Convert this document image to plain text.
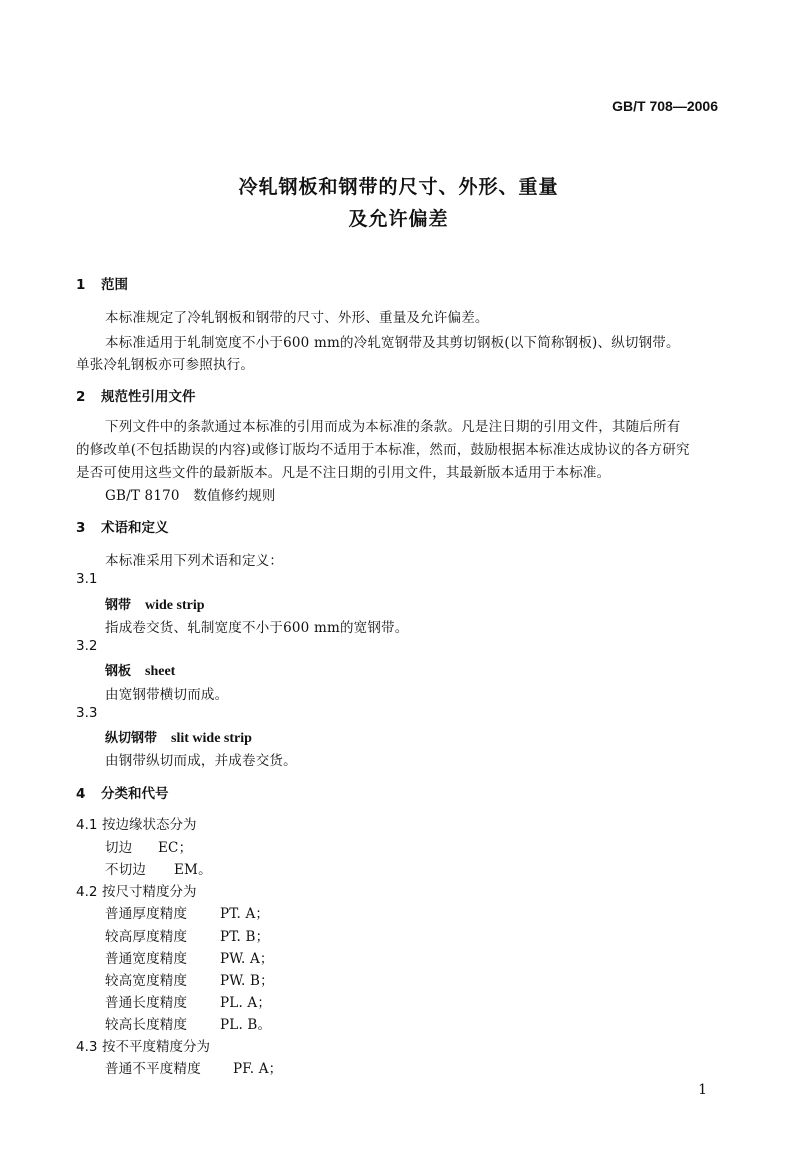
GB/T 708—2006
冷轧钢板和钢带的尺寸、外形、重量
及允许偏差
1 范围
本标准规定了冷轧钢板和钢带的尺寸、外形、重量及允许偏差。
本标准适用于轧制宽度不小于600 mm的冷轧宽钢带及其剪切钢板(以下简称钢板)、纵切钢带。
单张冷轧钢板亦可参照执行。
2 规范性引用文件
下列文件中的条款通过本标准的引用而成为本标准的条款。凡是注日期的引用文件，其随后所有
的修改单(不包括勘误的内容)或修订版均不适用于本标准，然而，鼓励根据本标准达成协议的各方研究
是否可使用这些文件的最新版本。凡是不注日期的引用文件，其最新版本适用于本标准。
GB/T 8170　数值修约规则
3 术语和定义
本标准采用下列术语和定义：
3.1
钢带 wide strip
指成卷交货、轧制宽度不小于600 mm的宽钢带。
3.2
钢板 sheet
由宽钢带横切而成。
3.3
纵切钢带 slit wide strip
由钢带纵切而成，并成卷交货。
4 分类和代号
4.1 按边缘状态分为
切边 EC；
不切边 EM。
4.2 按尺寸精度分为
普通厚度精度 PT. A；
较高厚度精度 PT. B；
普通宽度精度 PW. A；
较高宽度精度 PW. B；
普通长度精度 PL. A；
较高长度精度 PL. B。
4.3 按不平度精度分为
普通不平度精度 PF. A；
1
